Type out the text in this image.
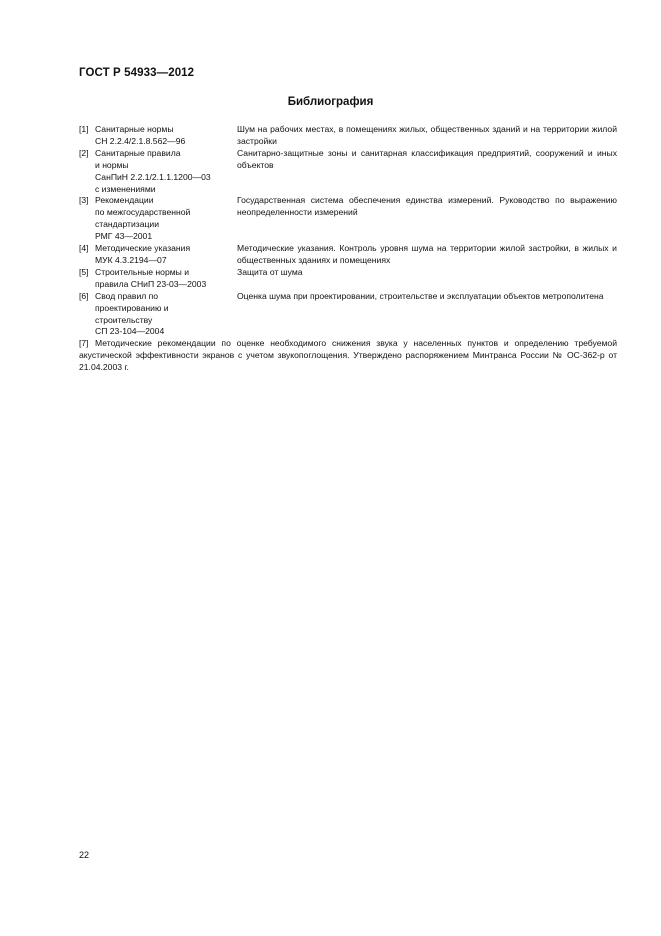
ГОСТ Р 54933—2012
Библиография
[1] Санитарные нормы
СН 2.2.4/2.1.8.562—96
Шум на рабочих местах, в помещениях жилых, общественных зданий и на территории жилой застройки
[2] Санитарные правила
и нормы
СанПиН 2.2.1/2.1.1.1200—03
с изменениями
Санитарно-защитные зоны и санитарная классификация предприятий, сооружений и иных объектов
[3] Рекомендации
по межгосударственной
стандартизации
РМГ 43—2001
Государственная система обеспечения единства измерений. Руководство по выражению неопределенности измерений
[4] Методические указания
МУК 4.3.2194—07
Методические указания. Контроль уровня шума на территории жилой застройки, в жилых и общественных зданиях и помещениях
[5] Строительные нормы и
правила СНиП 23-03—2003
Защита от шума
[6] Свод правил по
проектированию и
строительству
СП 23-104—2004
Оценка шума при проектировании, строительстве и эксплуатации объектов метрополитена
[7] Методические рекомендации по оценке необходимого снижения звука у населенных пунктов и определению требуемой акустической эффективности экранов с учетом звукопоглощения. Утверждено распоряжением Минтранса России № ОС-362-р от 21.04.2003 г.
22
